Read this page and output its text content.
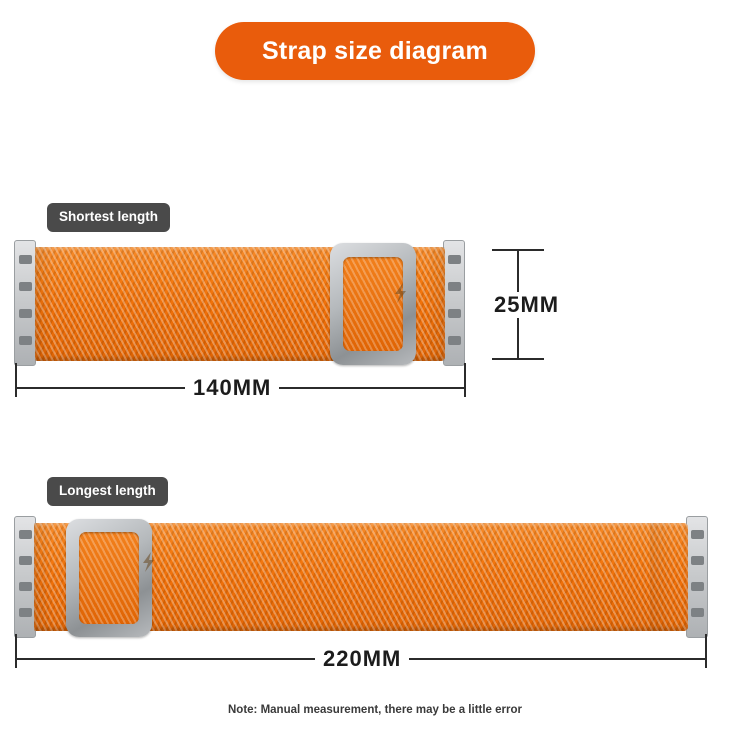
Strap size diagram
Shortest length
25MM
140MM
Longest length
220MM
Note: Manual measurement, there may be a little error
